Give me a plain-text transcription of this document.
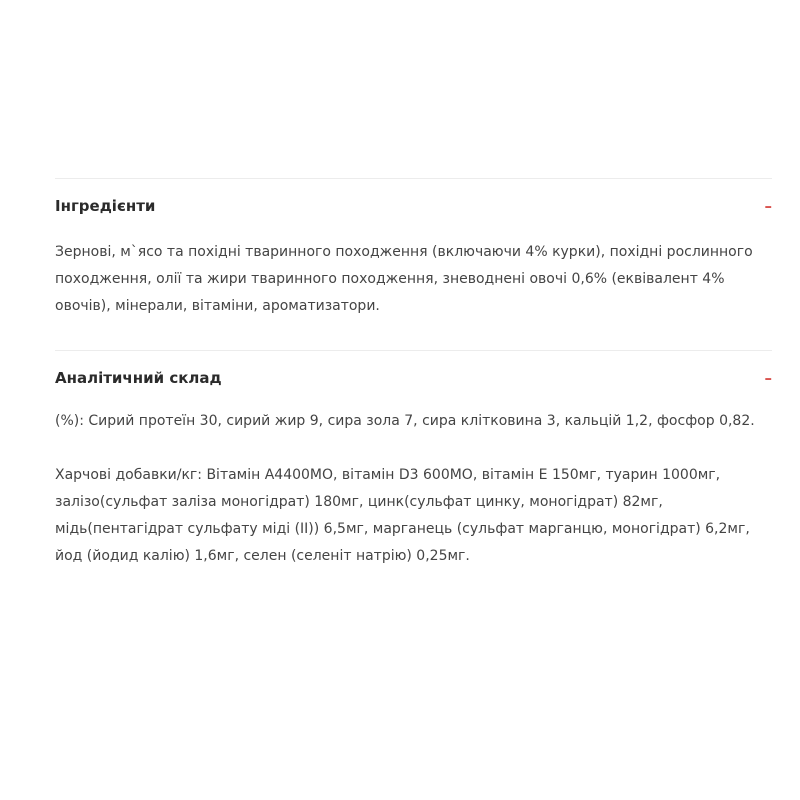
Інгредієнти	–

Зернові, м`ясо та похідні тваринного походження (включаючи 4% курки), похідні рослинного походження, олії та жири тваринного походження, зневоднені овочі 0,6% (еквівалент 4% овочів), мінерали, вітаміни, ароматизатори.

Аналітичний склад	–

(%): Сирий протеїн 30, сирий жир 9, сира зола 7, сира клітковина 3, кальцій 1,2, фосфор 0,82.

Харчові добавки/кг: Вітамін А4400МО, вітамін D3 600МО, вітамін Е 150мг, туарин 1000мг, залізо(сульфат заліза моногідрат) 180мг, цинк(сульфат цинку, моногідрат) 82мг, мідь(пентагідрат сульфату міді (II)) 6,5мг, марганець (сульфат марганцю, моногідрат) 6,2мг, йод (йодид калію) 1,6мг, селен (селеніт натрію) 0,25мг.
